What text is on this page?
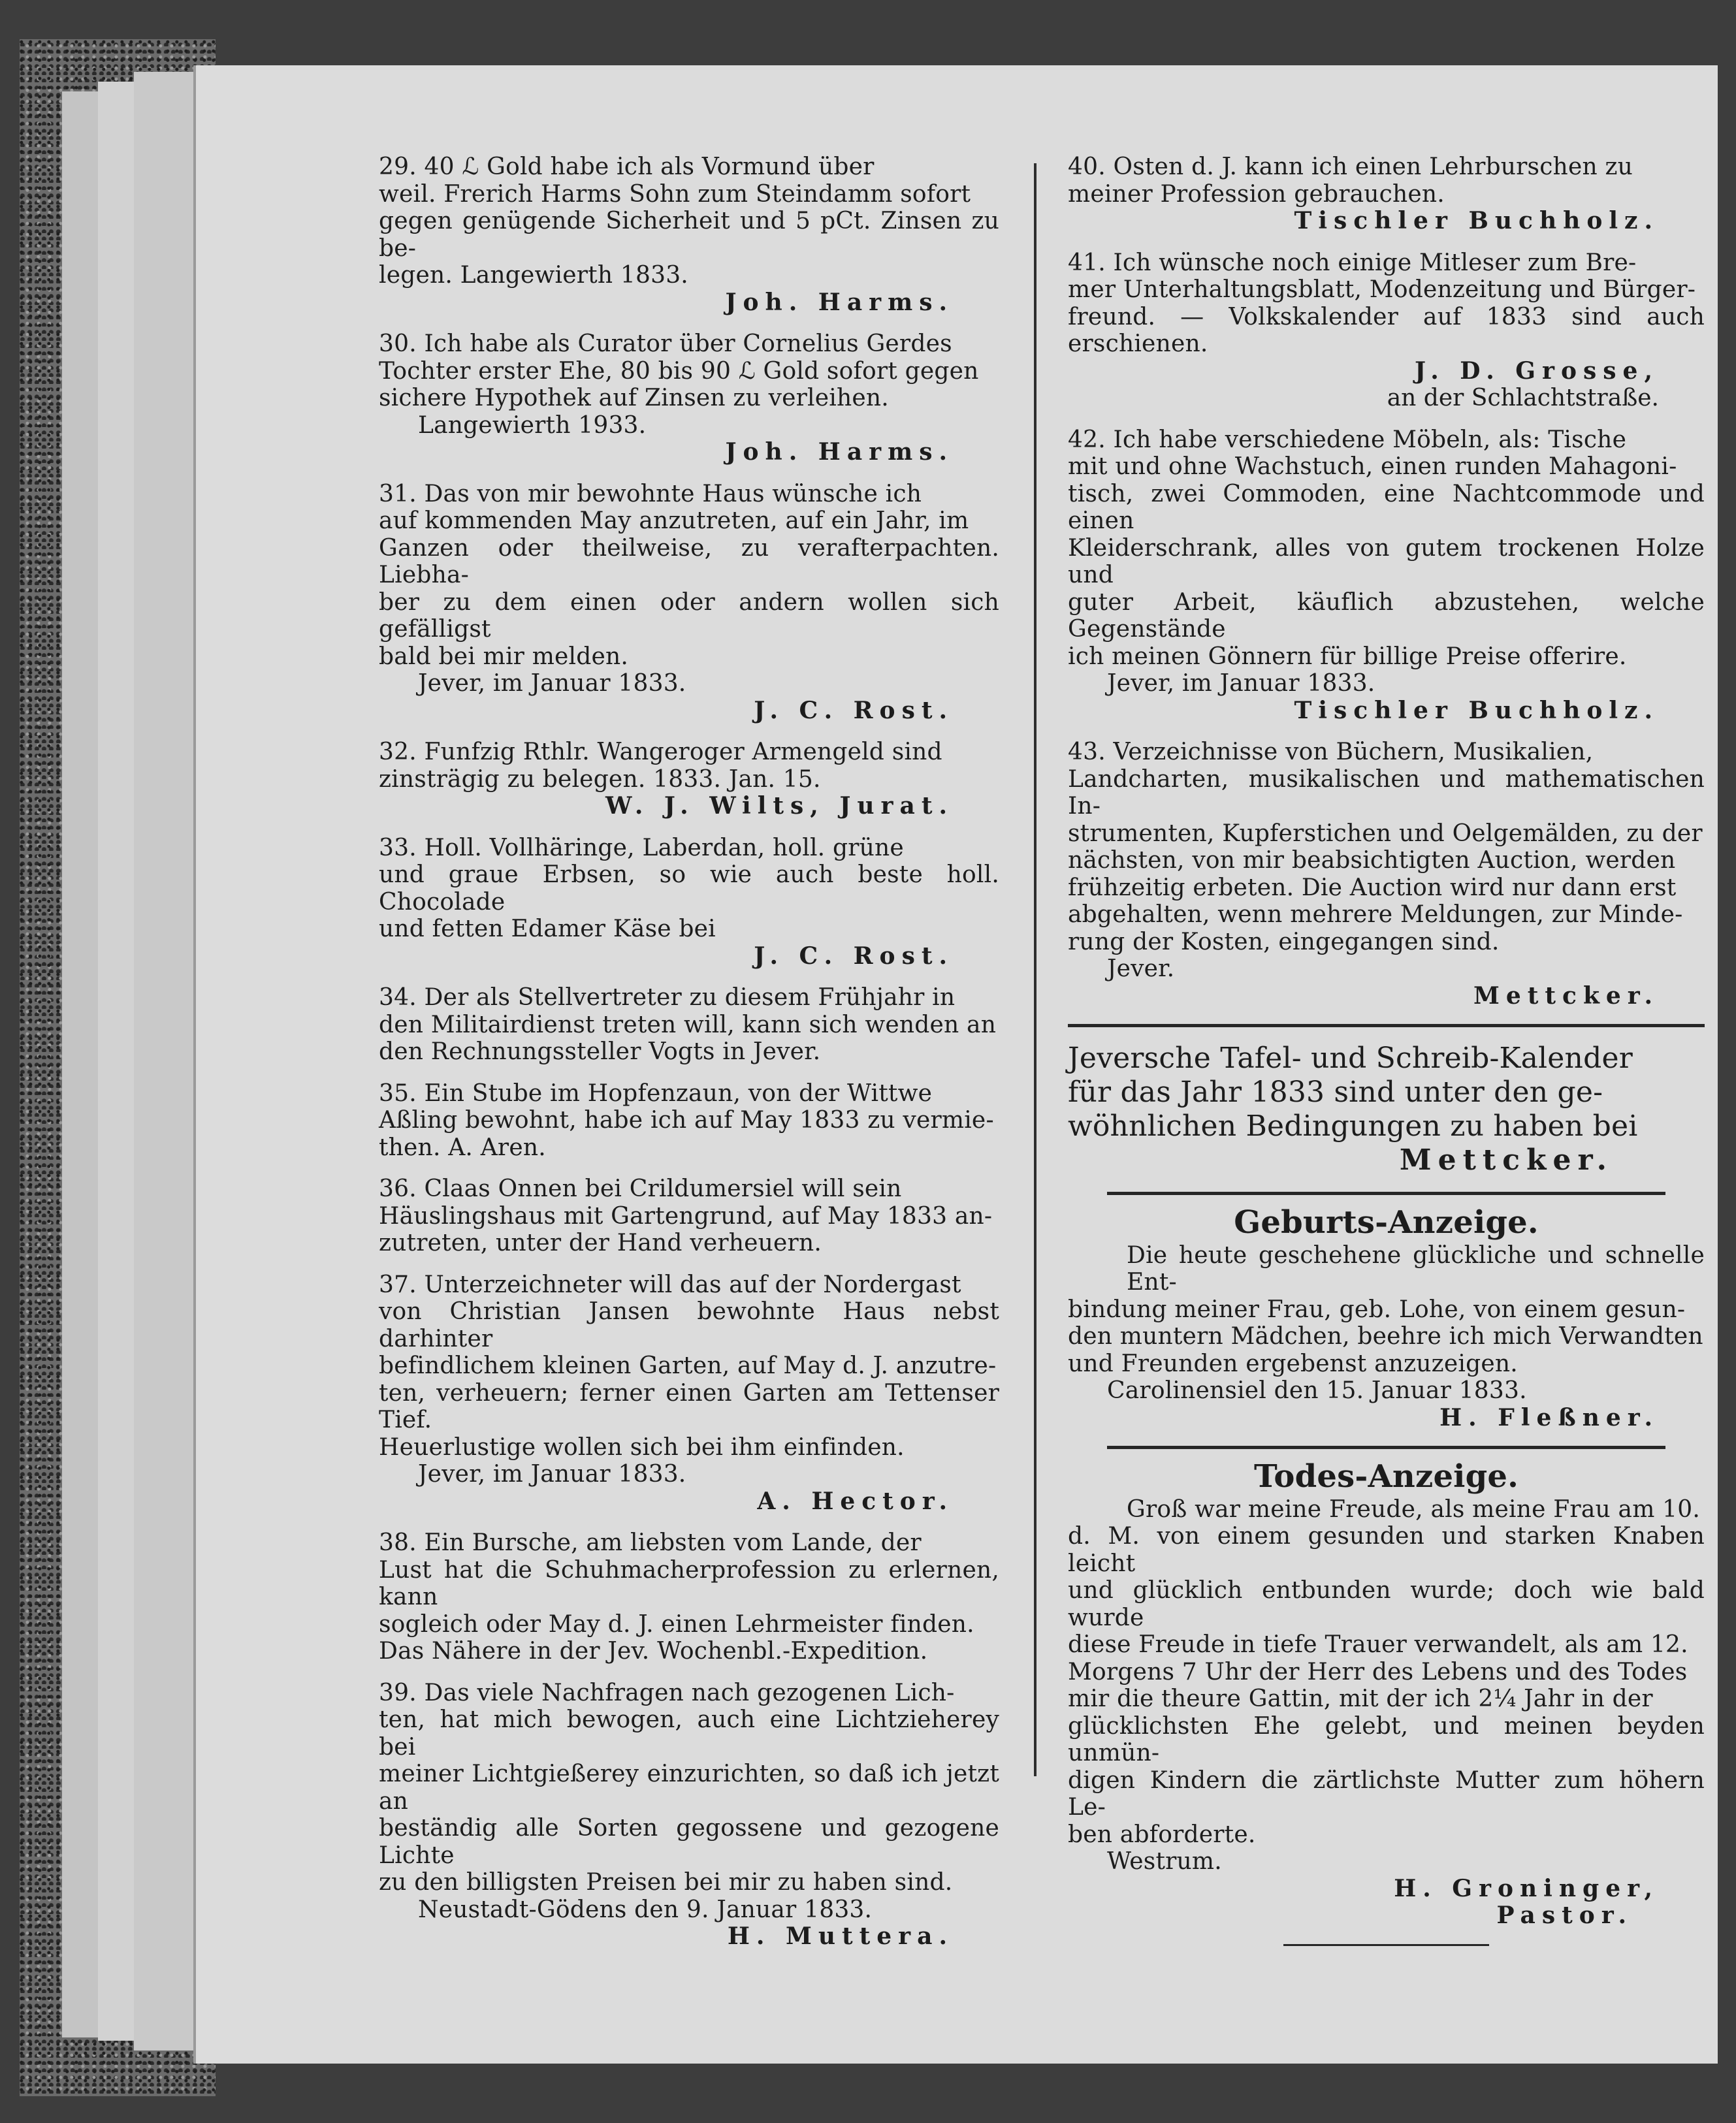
29. 40 ℒ Gold habe ich als Vormund über
weil. Frerich Harms Sohn zum Steindamm sofort
gegen genügende Sicherheit und 5 pCt. Zinsen zu be-
legen. Langewierth 1833.
Joh. Harms.
30. Ich habe als Curator über Cornelius Gerdes
Tochter erster Ehe, 80 bis 90 ℒ Gold sofort gegen
sichere Hypothek auf Zinsen zu verleihen.
Langewierth 1933.
Joh. Harms.
31. Das von mir bewohnte Haus wünsche ich
auf kommenden May anzutreten, auf ein Jahr, im
Ganzen oder theilweise, zu verafterpachten. Liebha-
ber zu dem einen oder andern wollen sich gefälligst
bald bei mir melden.
Jever, im Januar 1833.
J. C. Rost.
32. Funfzig Rthlr. Wangeroger Armengeld sind
zinsträgig zu belegen. 1833. Jan. 15.
W. J. Wilts, Jurat.
33. Holl. Vollhäringe, Laberdan, holl. grüne
und graue Erbsen, so wie auch beste holl. Chocolade
und fetten Edamer Käse bei
J. C. Rost.
34. Der als Stellvertreter zu diesem Frühjahr in
den Militairdienst treten will, kann sich wenden an
den Rechnungssteller Vogts in Jever.
35. Ein Stube im Hopfenzaun, von der Wittwe
Aßling bewohnt, habe ich auf May 1833 zu vermie-
then. A. Aren.
36. Claas Onnen bei Crildumersiel will sein
Häuslingshaus mit Gartengrund, auf May 1833 an-
zutreten, unter der Hand verheuern.
37. Unterzeichneter will das auf der Nordergast
von Christian Jansen bewohnte Haus nebst darhinter
befindlichem kleinen Garten, auf May d. J. anzutre-
ten, verheuern; ferner einen Garten am Tettenser Tief.
Heuerlustige wollen sich bei ihm einfinden.
Jever, im Januar 1833.
A. Hector.
38. Ein Bursche, am liebsten vom Lande, der
Lust hat die Schuhmacherprofession zu erlernen, kann
sogleich oder May d. J. einen Lehrmeister finden.
Das Nähere in der Jev. Wochenbl.-Expedition.
39. Das viele Nachfragen nach gezogenen Lich-
ten, hat mich bewogen, auch eine Lichtzieherey bei
meiner Lichtgießerey einzurichten, so daß ich jetzt an
beständig alle Sorten gegossene und gezogene Lichte
zu den billigsten Preisen bei mir zu haben sind.
Neustadt-Gödens den 9. Januar 1833.
H. Muttera.
40. Osten d. J. kann ich einen Lehrburschen zu
meiner Profession gebrauchen.
Tischler Buchholz.
41. Ich wünsche noch einige Mitleser zum Bre-
mer Unterhaltungsblatt, Modenzeitung und Bürger-
freund. — Volkskalender auf 1833 sind auch erschienen.
J. D. Grosse,
an der Schlachtstraße.
42. Ich habe verschiedene Möbeln, als: Tische
mit und ohne Wachstuch, einen runden Mahagoni-
tisch, zwei Commoden, eine Nachtcommode und einen
Kleiderschrank, alles von gutem trockenen Holze und
guter Arbeit, käuflich abzustehen, welche Gegenstände
ich meinen Gönnern für billige Preise offerire.
Jever, im Januar 1833.
Tischler Buchholz.
43. Verzeichnisse von Büchern, Musikalien,
Landcharten, musikalischen und mathematischen In-
strumenten, Kupferstichen und Oelgemälden, zu der
nächsten, von mir beabsichtigten Auction, werden
frühzeitig erbeten. Die Auction wird nur dann erst
abgehalten, wenn mehrere Meldungen, zur Minde-
rung der Kosten, eingegangen sind.
Jever.
Mettcker.
Jeversche Tafel- und Schreib-Kalender
für das Jahr 1833 sind unter den ge-
wöhnlichen Bedingungen zu haben bei
Mettcker.
Geburts-Anzeige.
Die heute geschehene glückliche und schnelle Ent-
bindung meiner Frau, geb. Lohe, von einem gesun-
den muntern Mädchen, beehre ich mich Verwandten
und Freunden ergebenst anzuzeigen.
Carolinensiel den 15. Januar 1833.
H. Fleßner.
Todes-Anzeige.
Groß war meine Freude, als meine Frau am 10.
d. M. von einem gesunden und starken Knaben leicht
und glücklich entbunden wurde; doch wie bald wurde
diese Freude in tiefe Trauer verwandelt, als am 12.
Morgens 7 Uhr der Herr des Lebens und des Todes
mir die theure Gattin, mit der ich 2¼ Jahr in der
glücklichsten Ehe gelebt, und meinen beyden unmün-
digen Kindern die zärtlichste Mutter zum höhern Le-
ben abforderte.
Westrum.
H. Groninger,
Pastor.
